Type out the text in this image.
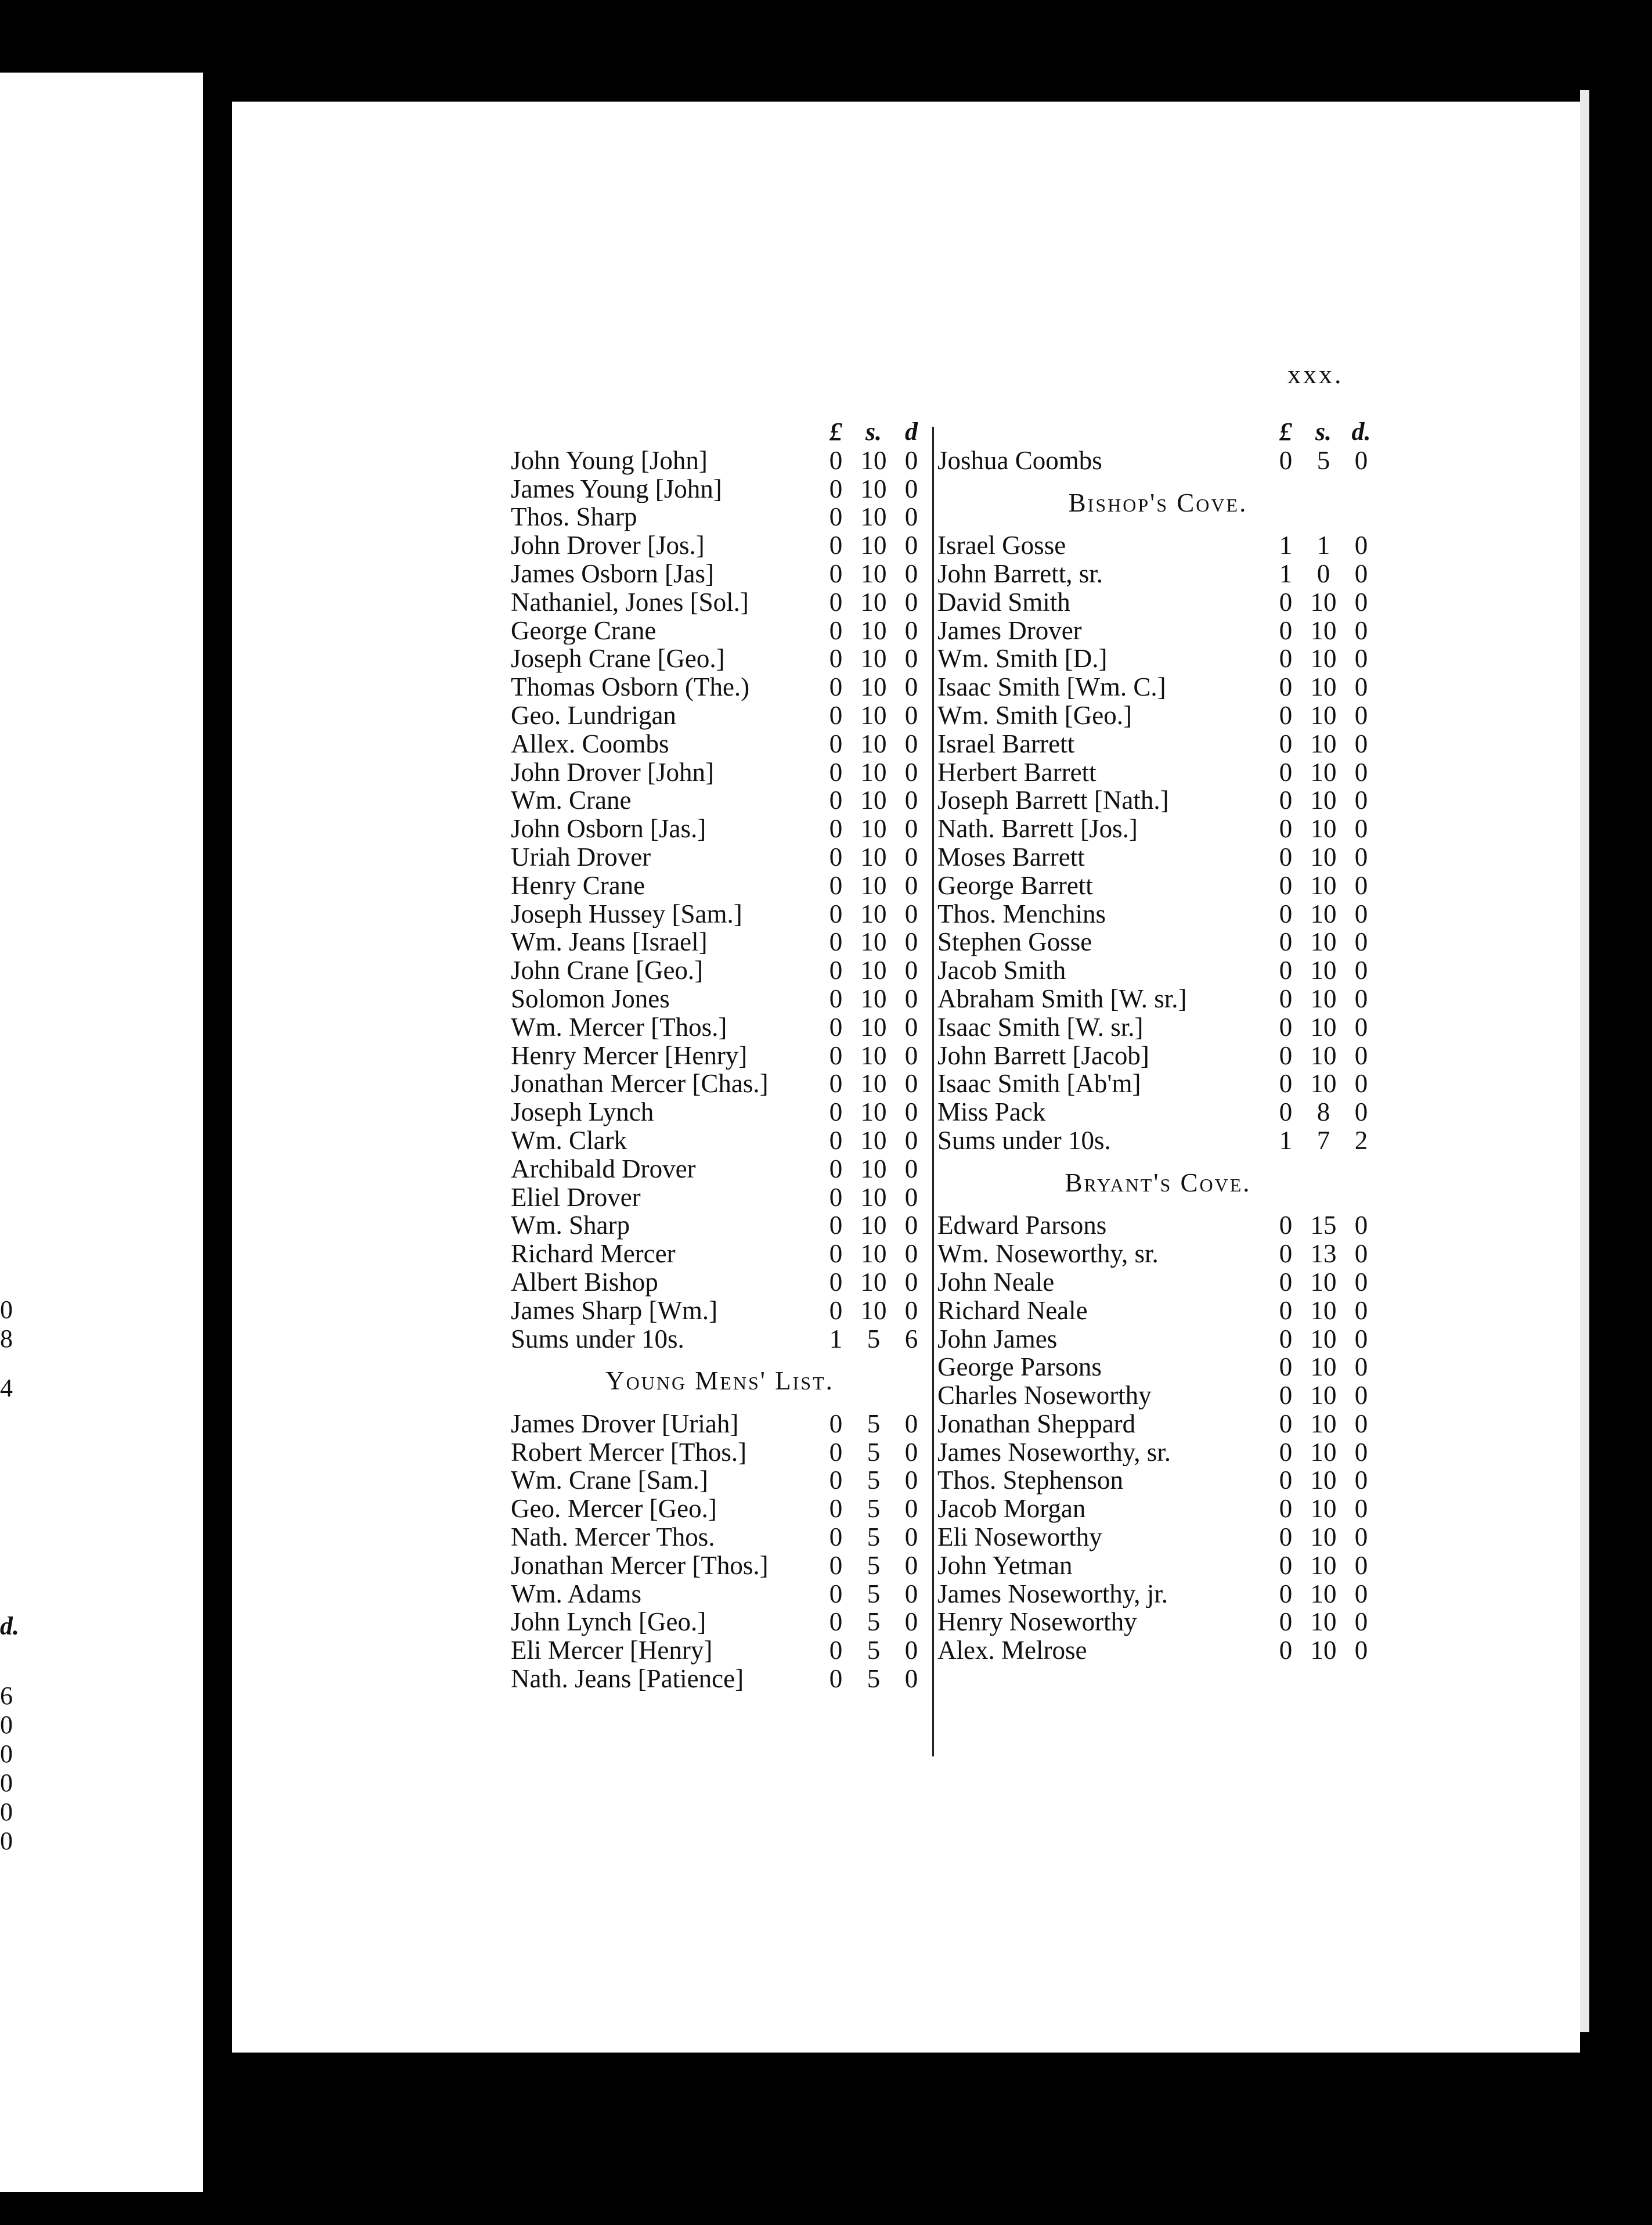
0
8
4
d.
6
0
0
0
0
0
xxx.
£ s. d
John Young [John]	0 10 0
James Young [John]	0 10 0
Thos. Sharp	0 10 0
John Drover [Jos.]	0 10 0
James Osborn [Jas]	0 10 0
Nathaniel, Jones [Sol.]	0 10 0
George Crane	0 10 0
Joseph Crane [Geo.]	0 10 0
Thomas Osborn (The.)	0 10 0
Geo. Lundrigan	0 10 0
Allex. Coombs	0 10 0
John Drover [John]	0 10 0
Wm. Crane	0 10 0
John Osborn [Jas.]	0 10 0
Uriah Drover	0 10 0
Henry Crane	0 10 0
Joseph Hussey [Sam.]	0 10 0
Wm. Jeans [Israel]	0 10 0
John Crane [Geo.]	0 10 0
Solomon Jones	0 10 0
Wm. Mercer [Thos.]	0 10 0
Henry Mercer [Henry]	0 10 0
Jonathan Mercer [Chas.]	0 10 0
Joseph Lynch	0 10 0
Wm. Clark	0 10 0
Archibald Drover	0 10 0
Eliel Drover	0 10 0
Wm. Sharp	0 10 0
Richard Mercer	0 10 0
Albert Bishop	0 10 0
James Sharp [Wm.]	0 10 0
Sums under 10s.	1 5 6
Young Mens' List.
James Drover [Uriah]	0 5 0
Robert Mercer [Thos.]	0 5 0
Wm. Crane [Sam.]	0 5 0
Geo. Mercer [Geo.]	0 5 0
Nath. Mercer Thos.	0 5 0
Jonathan Mercer [Thos.]	0 5 0
Wm. Adams	0 5 0
John Lynch [Geo.]	0 5 0
Eli Mercer [Henry]	0 5 0
Nath. Jeans [Patience]	0 5 0
£ s. d.
Joshua Coombs	0 5 0
Bishop's Cove.
Israel Gosse	1 1 0
John Barrett, sr.	1 0 0
David Smith	0 10 0
James Drover	0 10 0
Wm. Smith [D.]	0 10 0
Isaac Smith [Wm. C.]	0 10 0
Wm. Smith [Geo.]	0 10 0
Israel Barrett	0 10 0
Herbert Barrett	0 10 0
Joseph Barrett [Nath.]	0 10 0
Nath. Barrett [Jos.]	0 10 0
Moses Barrett	0 10 0
George Barrett	0 10 0
Thos. Menchins	0 10 0
Stephen Gosse	0 10 0
Jacob Smith	0 10 0
Abraham Smith [W. sr.]	0 10 0
Isaac Smith [W. sr.]	0 10 0
John Barrett [Jacob]	0 10 0
Isaac Smith [Ab'm]	0 10 0
Miss Pack	0 8 0
Sums under 10s.	1 7 2
Bryant's Cove.
Edward Parsons	0 15 0
Wm. Noseworthy, sr.	0 13 0
John Neale	0 10 0
Richard Neale	0 10 0
John James	0 10 0
George Parsons	0 10 0
Charles Noseworthy	0 10 0
Jonathan Sheppard	0 10 0
James Noseworthy, sr.	0 10 0
Thos. Stephenson	0 10 0
Jacob Morgan	0 10 0
Eli Noseworthy	0 10 0
John Yetman	0 10 0
James Noseworthy, jr.	0 10 0
Henry Noseworthy	0 10 0
Alex. Melrose	0 10 0
